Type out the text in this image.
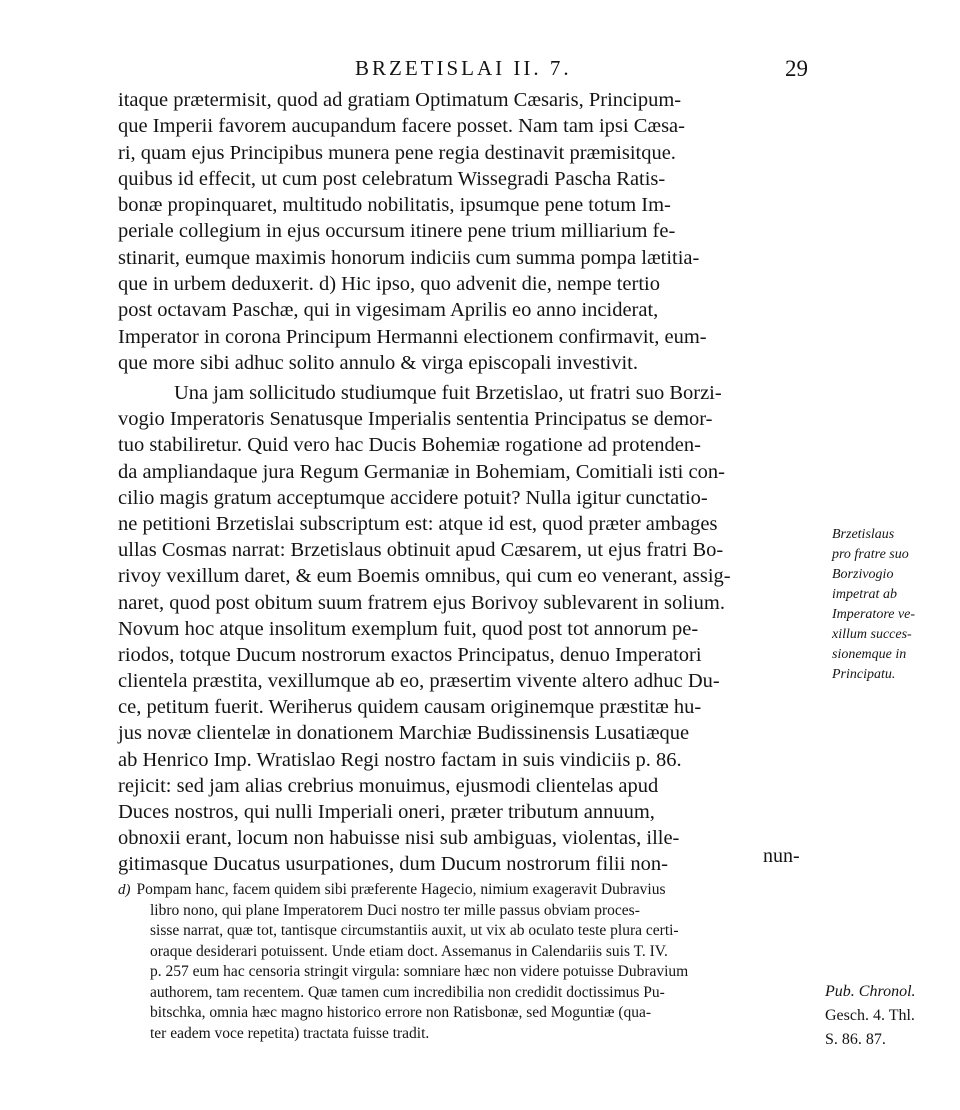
BRZETISLAI II. 7.	29
itaque prætermisit, quod ad gratiam Optimatum Cæsaris, Principum-
que Imperii favorem aucupandum facere posset. Nam tam ipsi Cæsa-
ri, quam ejus Principibus munera pene regia destinavit præmisitque.
quibus id effecit, ut cum post celebratum Wissegradi Pascha Ratis-
bonæ propinquaret, multitudo nobilitatis, ipsumque pene totum Im-
periale collegium in ejus occursum itinere pene trium milliarium fe-
stinarit, eumque maximis honorum indiciis cum summa pompa lætitia-
que in urbem deduxerit. d) Hic ipso, quo advenit die, nempe tertio
post octavam Paschæ, qui in vigesimam Aprilis eo anno inciderat,
Imperator in corona Principum Hermanni electionem confirmavit, eum-
que more sibi adhuc solito annulo & virga episcopali investivit.
Una jam sollicitudo studiumque fuit Brzetislao, ut fratri suo Borzi-
vogio Imperatoris Senatusque Imperialis sententia Principatus se demor-
tuo stabiliretur. Quid vero hac Ducis Bohemiæ rogatione ad protenden-
da ampliandaque jura Regum Germaniæ in Bohemiam, Comitiali isti con-
cilio magis gratum acceptumque accidere potuit? Nulla igitur cunctatio-
ne petitioni Brzetislai subscriptum est: atque id est, quod præter ambages
ullas Cosmas narrat: Brzetislaus obtinuit apud Cæsarem, ut ejus fratri Bo-
rivoy vexillum daret, & eum Boemis omnibus, qui cum eo venerant, assig-
naret, quod post obitum suum fratrem ejus Borivoy sublevarent in solium.
Novum hoc atque insolitum exemplum fuit, quod post tot annorum pe-
riodos, totque Ducum nostrorum exactos Principatus, denuo Imperatori
clientela præstita, vexillumque ab eo, præsertim vivente altero adhuc Du-
ce, petitum fuerit. Weriherus quidem causam originemque præstitæ hu-
jus novæ clientelæ in donationem Marchiæ Budissinensis Lusatiæque
ab Henrico Imp. Wratislao Regi nostro factam in suis vindiciis p. 86.
rejicit: sed jam alias crebrius monuimus, ejusmodi clientelas apud
Duces nostros, qui nulli Imperiali oneri, præter tributum annuum,
obnoxii erant, locum non habuisse nisi sub ambiguas, violentas, ille-
gitimasque Ducatus usurpationes, dum Ducum nostrorum filii non-	nun-
Brzetislaus
pro fratre suo
Borzivogio
impetrat ab
Imperatore ve-
xillum succes-
sionemque in
Principatu.
d) Pompam hanc, facem quidem sibi præferente Hagecio, nimium exageravit Dubravius
libro nono, qui plane Imperatorem Duci nostro ter mille passus obviam proces-
sisse narrat, quæ tot, tantisque circumstantiis auxit, ut vix ab oculato teste plura certi-
oraque desiderari potuissent. Unde etiam doct. Assemanus in Calendariis suis T. IV.
p. 257 eum hac censoria stringit virgula: somniare hæc non videre potuisse Dubravium
authorem, tam recentem. Quæ tamen cum incredibilia non credidit doctissimus Pu-
bitschka, omnia hæc magno historico errore non Ratisbonæ, sed Moguntiæ (qua-
ter eadem voce repetita) tractata fuisse tradit.
Pub. Chronol.
Gesch. 4. Thl.
S. 86. 87.
